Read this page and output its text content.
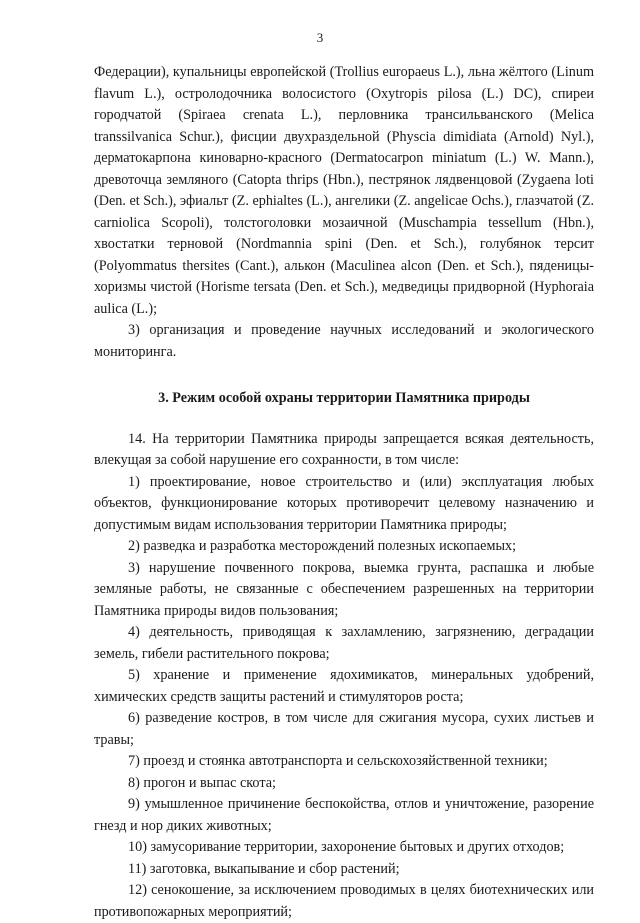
3

Федерации), купальницы европейской (Trollius europaeus L.), льна жёлтого (Linum flavum L.), остролодочника волосистого (Oxytropis pilosa (L.) DC), спиреи городчатой (Spiraea crenata L.), перловника трансильванского (Melica transsilvanica Schur.), фисции двухраздельной (Physcia dimidiata (Arnold) Nyl.), дерматокарпона киноварно-красного (Dermatocarpon miniatum (L.) W. Mann.), древоточца земляного (Catopta thrips (Hbn.), пестрянок лядвенцовой (Zygaena loti (Den. et Sch.), эфиальт (Z. ephialtes (L.), ангелики (Z. angelicae Ochs.), глазчатой (Z. carniolica Scopoli), толстоголовки мозаичной (Muschampia tessellum (Hbn.), хвостатки терновой (Nordmannia spini (Den. et Sch.), голубянок терсит (Polyommatus thersites (Cant.), алькон (Maculinea alcon (Den. et Sch.), пяденицы-хоризмы чистой (Horisme tersata (Den. et Sch.), медведицы придворной (Hyphoraia aulica (L.);

3) организация и проведение научных исследований и экологического мониторинга.

3. Режим особой охраны территории Памятника природы

14. На территории Памятника природы запрещается всякая деятельность, влекущая за собой нарушение его сохранности, в том числе:

1) проектирование, новое строительство и (или) эксплуатация любых объектов, функционирование которых противоречит целевому назначению и допустимым видам использования территории Памятника природы;

2) разведка и разработка месторождений полезных ископаемых;

3) нарушение почвенного покрова, выемка грунта, распашка и любые земляные работы, не связанные с обеспечением разрешенных на территории Памятника природы видов пользования;

4) деятельность, приводящая к захламлению, загрязнению, деградации земель, гибели растительного покрова;

5) хранение и применение ядохимикатов, минеральных удобрений, химических средств защиты растений и стимуляторов роста;

6) разведение костров, в том числе для сжигания мусора, сухих листьев и травы;

7) проезд и стоянка автотранспорта и сельскохозяйственной техники;

8) прогон и выпас скота;

9) умышленное причинение беспокойства, отлов и уничтожение, разорение гнезд и нор диких животных;

10) замусоривание территории, захоронение бытовых и других отходов;

11) заготовка, выкапывание и сбор растений;

12) сенокошение, за исключением проводимых в целях биотехнических или противопожарных мероприятий;
